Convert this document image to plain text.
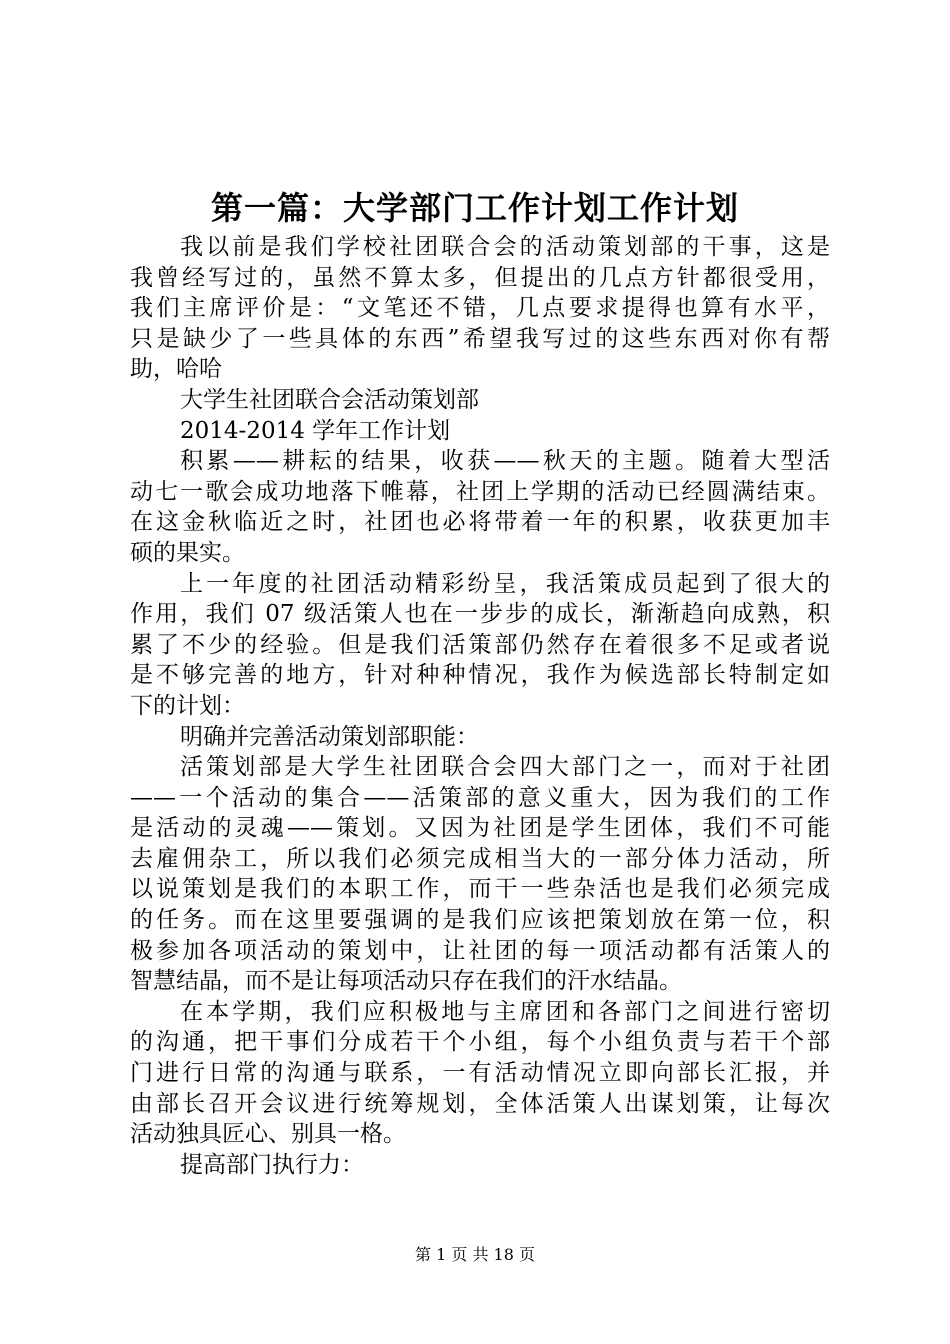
第一篇：大学部门工作计划工作计划
我以前是我们学校社团联合会的活动策划部的干事，这是
我曾经写过的，虽然不算太多，但提出的几点方针都很受用，
我们主席评价是：“文笔还不错，几点要求提得也算有水平，
只是缺少了一些具体的东西”希望我写过的这些东西对你有帮
助，哈哈
大学生社团联合会活动策划部
2014-2014 学年工作计划
积累——耕耘的结果，收获——秋天的主题。随着大型活
动七一歌会成功地落下帷幕，社团上学期的活动已经圆满结束。
在这金秋临近之时，社团也必将带着一年的积累，收获更加丰
硕的果实。
上一年度的社团活动精彩纷呈，我活策成员起到了很大的
作用，我们 07 级活策人也在一步步的成长，渐渐趋向成熟，积
累了不少的经验。但是我们活策部仍然存在着很多不足或者说
是不够完善的地方，针对种种情况，我作为候选部长特制定如
下的计划：
明确并完善活动策划部职能：
活策划部是大学生社团联合会四大部门之一，而对于社团
——一个活动的集合——活策部的意义重大，因为我们的工作
是活动的灵魂——策划。又因为社团是学生团体，我们不可能
去雇佣杂工，所以我们必须完成相当大的一部分体力活动，所
以说策划是我们的本职工作，而干一些杂活也是我们必须完成
的任务。而在这里要强调的是我们应该把策划放在第一位，积
极参加各项活动的策划中，让社团的每一项活动都有活策人的
智慧结晶，而不是让每项活动只存在我们的汗水结晶。
在本学期，我们应积极地与主席团和各部门之间进行密切
的沟通，把干事们分成若干个小组，每个小组负责与若干个部
门进行日常的沟通与联系，一有活动情况立即向部长汇报，并
由部长召开会议进行统筹规划，全体活策人出谋划策，让每次
活动独具匠心、别具一格。
提高部门执行力：
第 1 页 共 18 页
